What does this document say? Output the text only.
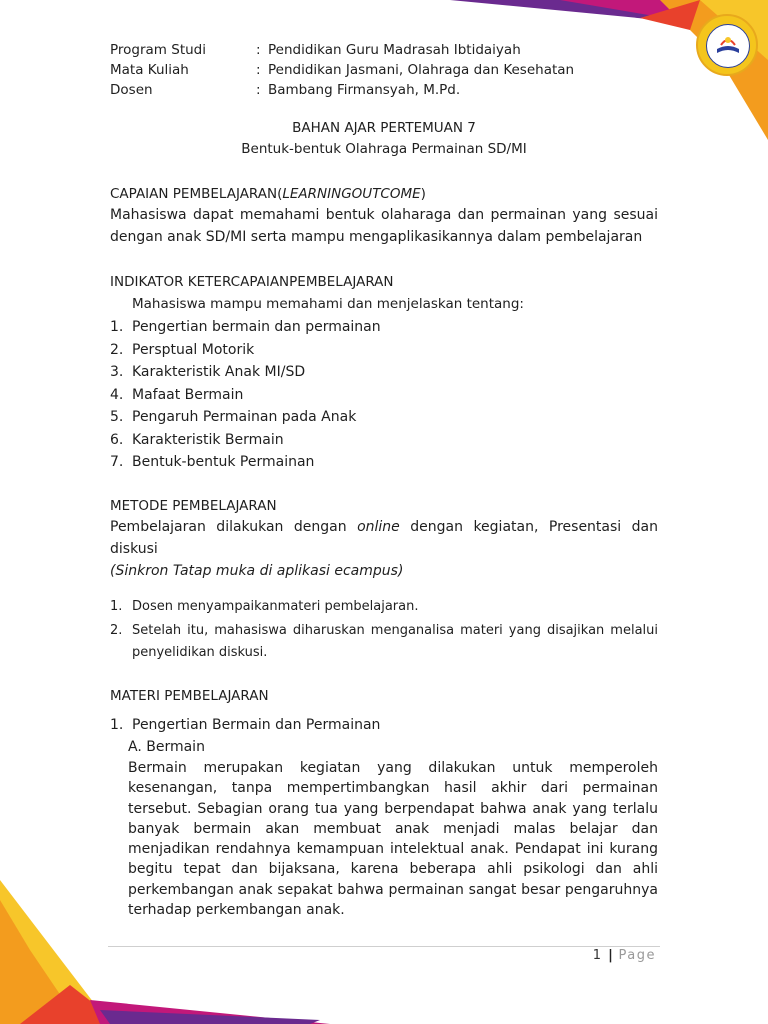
Program Studi	: Pendidikan Guru Madrasah Ibtidaiyah
Mata Kuliah	: Pendidikan Jasmani, Olahraga dan Kesehatan
Dosen	: Bambang Firmansyah, M.Pd.
BAHAN AJAR PERTEMUAN 7
Bentuk-bentuk Olahraga Permainan SD/MI
CAPAIAN PEMBELAJARAN(LEARNINGOUTCOME)
Mahasiswa dapat memahami bentuk olaharaga dan permainan yang sesuai dengan anak SD/MI serta mampu mengaplikasikannya dalam pembelajaran
INDIKATOR KETERCAPAIANPEMBELAJARAN
Mahasiswa mampu memahami dan menjelaskan tentang:
1. Pengertian bermain dan permainan
2. Persptual Motorik
3. Karakteristik Anak MI/SD
4. Mafaat Bermain
5. Pengaruh Permainan pada Anak
6. Karakteristik Bermain
7. Bentuk-bentuk Permainan
METODE PEMBELAJARAN
Pembelajaran dilakukan dengan online dengan kegiatan, Presentasi dan diskusi
(Sinkron Tatap muka di aplikasi ecampus)
1. Dosen menyampaikanmateri pembelajaran.
2. Setelah itu, mahasiswa diharuskan menganalisa materi yang disajikan melalui penyelidikan diskusi.
MATERI PEMBELAJARAN
1. Pengertian Bermain dan Permainan
A. Bermain
Bermain merupakan kegiatan yang dilakukan untuk memperoleh kesenangan, tanpa mempertimbangkan hasil akhir dari permainan tersebut. Sebagian orang tua yang berpendapat bahwa anak yang terlalu banyak bermain akan membuat anak menjadi malas belajar dan menjadikan rendahnya kemampuan intelektual anak. Pendapat ini kurang begitu tepat dan bijaksana, karena beberapa ahli psikologi dan ahli perkembangan anak sepakat bahwa permainan sangat besar pengaruhnya terhadap perkembangan anak.
1 | Page
